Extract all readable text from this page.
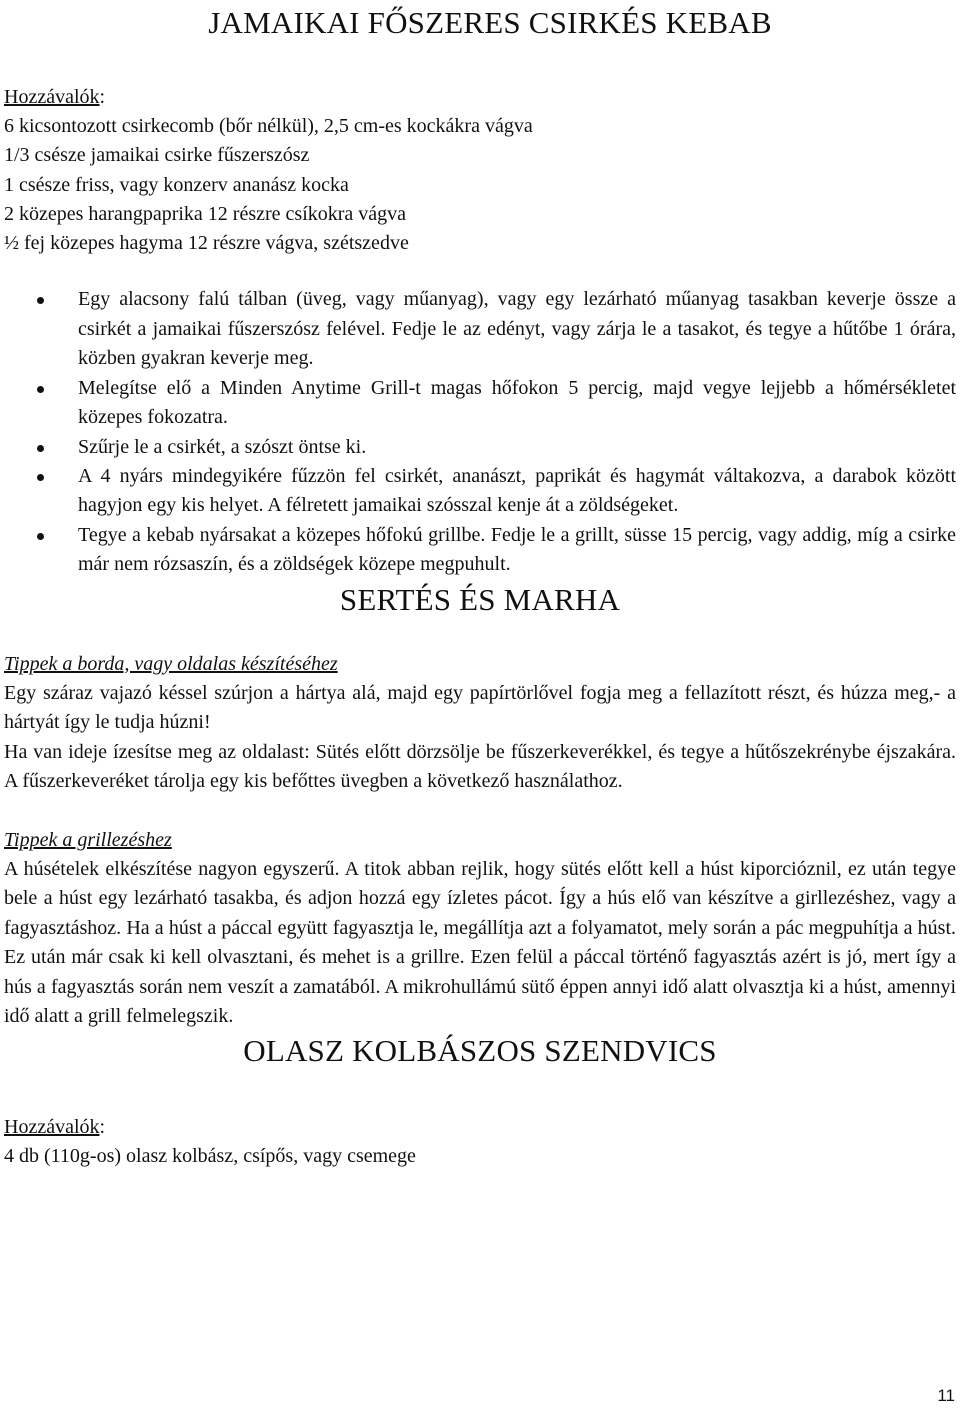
JAMAIKAI FŐSZERES CSIRKÉS KEBAB

Hozzávalók:

6 kicsontozott csirkecomb (bőr nélkül), 2,5 cm-es kockákra vágva
1/3 csésze jamaikai csirke fűszerszósz
1 csésze friss, vagy konzerv ananász kocka
2 közepes harangpaprika 12 részre csíkokra vágva
½ fej közepes hagyma 12 részre vágva, szétszedve
Egy alacsony falú tálban (üveg, vagy műanyag), vagy egy lezárható műanyag tasakban keverje össze a csirkét a jamaikai fűszerszósz felével. Fedje le az edényt, vagy zárja le a tasakot, és tegye a hűtőbe 1 órára, közben gyakran keverje meg.
Melegítse elő a Minden Anytime Grill-t magas hőfokon 5 percig, majd vegye lejjebb a hőmérsékletet közepes fokozatra.
Szűrje le a csirkét, a szószt öntse ki.
A 4 nyárs mindegyikére fűzzön fel csirkét, ananászt, paprikát és hagymát váltakozva, a darabok között hagyjon egy kis helyet. A félretett jamaikai szósszal kenje át a zöldségeket.
Tegye a kebab nyársakat a közepes hőfokú grillbe. Fedje le a grillt, süsse 15 percig, vagy addig, míg a csirke már nem rózsaszín, és a zöldségek közepe megpuhult.
SERTÉS ÉS MARHA

Tippek a borda, vagy oldalas készítéséhez

Egy száraz vajazó késsel szúrjon a hártya alá, majd egy papírtörlővel fogja meg a fellazított részt, és húzza meg,- a hártyát így le tudja húzni!

Ha van ideje ízesítse meg az oldalast: Sütés előtt dörzsölje be fűszerkeverékkel, és tegye a hűtőszekrénybe éjszakára. A fűszerkeveréket tárolja egy kis befőttes üvegben a következő használathoz.

Tippek a grillezéshez

A húsételek elkészítése nagyon egyszerű. A titok abban rejlik, hogy sütés előtt kell a húst kiporcióznil, ez után tegye bele a húst egy lezárható tasakba, és adjon hozzá egy ízletes pácot. Így a hús elő van készítve a girllezéshez, vagy a fagyasztáshoz. Ha a húst a páccal együtt fagyasztja le, megállítja azt a folyamatot, mely során a pác megpuhítja a húst. Ez után már csak ki kell olvasztani, és mehet is a grillre. Ezen felül a páccal történő fagyasztás azért is jó, mert így a hús a fagyasztás során nem veszít a zamatából. A mikrohullámú sütő éppen annyi idő alatt olvasztja ki a húst, amennyi idő alatt a grill felmelegszik.

OLASZ KOLBÁSZOS SZENDVICS

Hozzávalók:

4 db (110g-os) olasz kolbász, csípős, vagy csemege
11
